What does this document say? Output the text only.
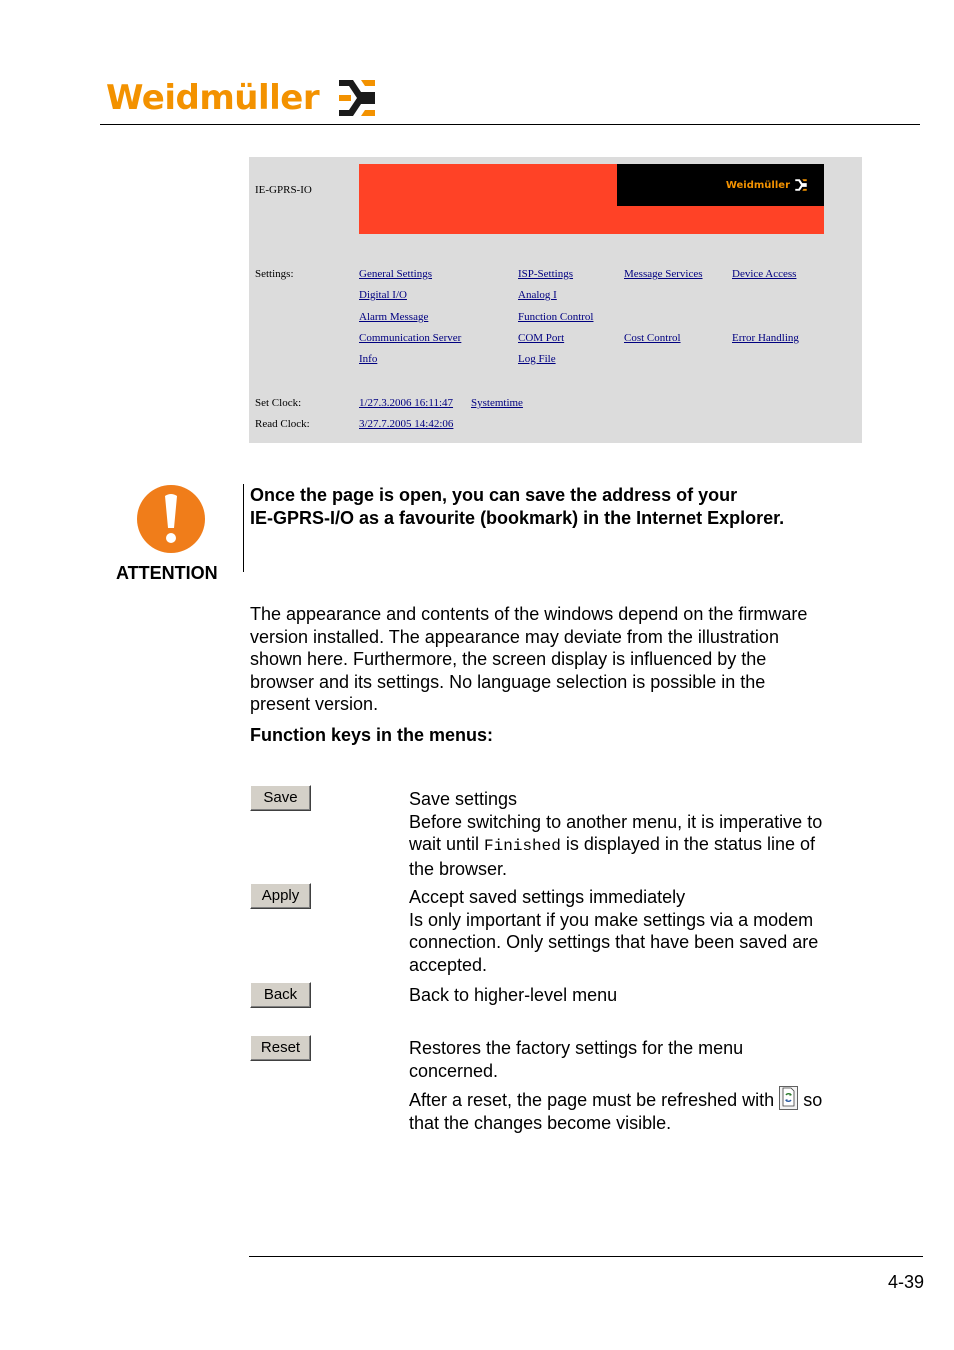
Weidmüller
IE-GPRS-IO	Weidmüller
Settings:	General Settings	ISP-Settings	Message Services	Device Access
Digital I/O	Analog I
Alarm Message	Function Control
Communication Server	COM Port	Cost Control	Error Handling
Info	Log File
Set Clock:	1/27.3.2006 16:11:47 Systemtime
Read Clock:	3/27.7.2005 14:42:06
ATTENTION
Once the page is open, you can save the address of your
IE-GPRS-I/O as a favourite (bookmark) in the Internet Explorer.
The appearance and contents of the windows depend on the firmware
version installed. The appearance may deviate from the illustration
shown here. Furthermore, the screen display is influenced by the
browser and its settings. No language selection is possible in the
present version.
Function keys in the menus:
Save	Save settings
Before switching to another menu, it is imperative to
wait until Finished is displayed in the status line of
the browser.
Apply	Accept saved settings immediately
Is only important if you make settings via a modem
connection. Only settings that have been saved are
accepted.
Back	Back to higher-level menu
Reset	Restores the factory settings for the menu
concerned.
After a reset, the page must be refreshed with  so
that the changes become visible.
4-39
